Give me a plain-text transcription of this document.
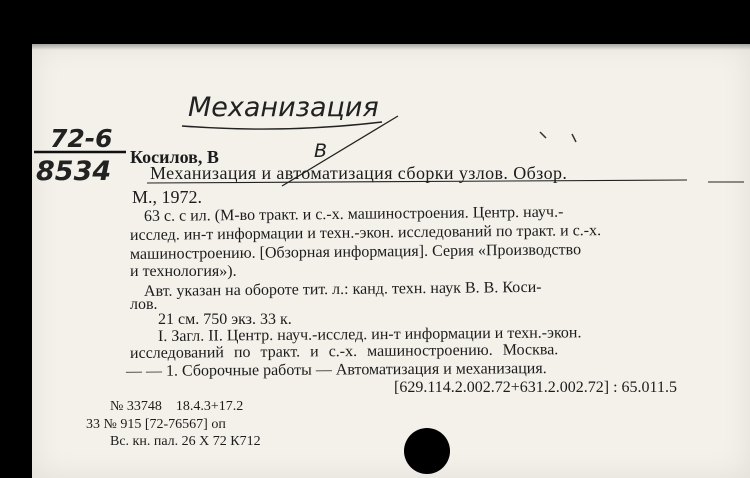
Механизация
72-6
8534
B
Косилов, В
Механизация и автоматизация сборки узлов. Обзор.
М., 1972.
63 с. с ил. (М-во тракт. и с.-х. машиностроения. Центр. науч.-
исслед. ин-т информации и техн.-экон. исследований по тракт. и с.-х.
машиностроению. [Обзорная информация]. Серия «Производство
и технология»).
Авт. указан на обороте тит. л.: канд. техн. наук В. В. Коси-
лов.
21 см. 750 экз. 33 к.
I. Загл. II. Центр. науч.-исслед. ин-т информации и техн.-экон.
исследований по тракт. и с.-х. машиностроению. Москва.
— — 1. Сборочные работы — Автоматизация и механизация.
[629.114.2.002.72+631.2.002.72] : 65.011.5
№ 33748 18.4.3+17.2
33 № 915 [72-76567] оп
Вс. кн. пал. 26 X 72 К712
